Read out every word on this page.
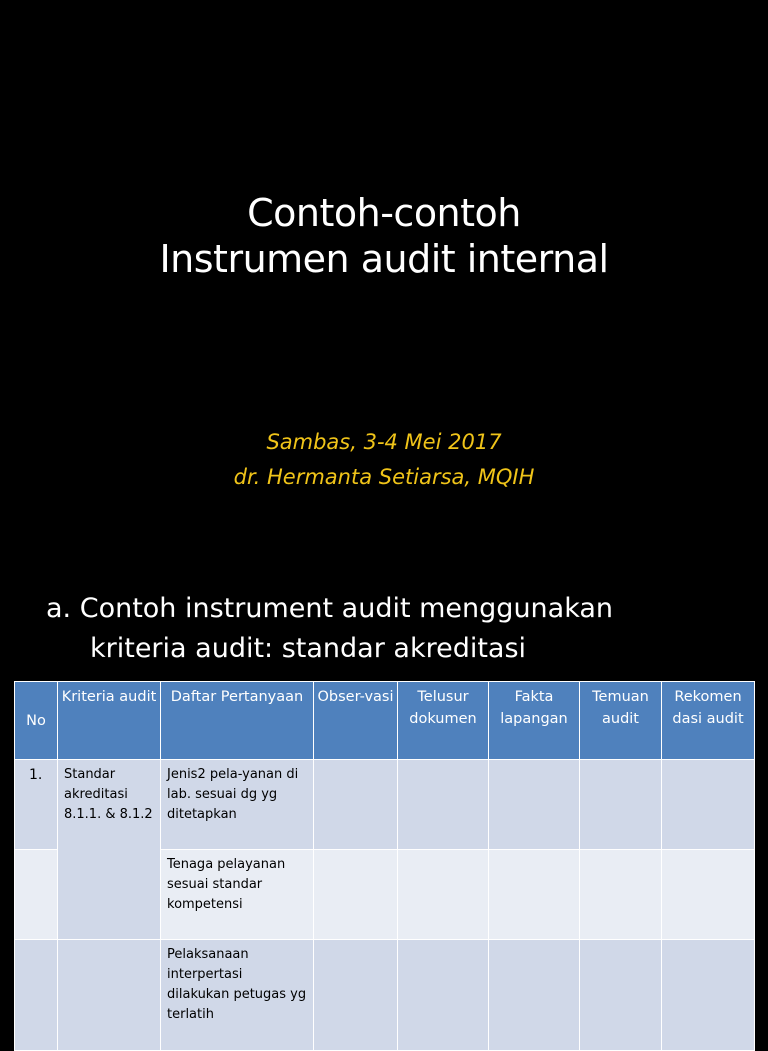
Contoh-contoh
Instrumen audit internal
Sambas, 3-4 Mei 2017
dr. Hermanta Setiarsa, MQIH
a. Contoh instrument audit menggunakan
kriteria audit: standar akreditasi
No	Kriteria audit	Daftar Pertanyaan	Obser-vasi	Telusur dokumen	Fakta lapangan	Temuan audit	Rekomen dasi audit
1.	Standar akreditasi 8.1.1. & 8.1.2	Jenis2 pela-yanan di lab. sesuai dg yg ditetapkan					
		Tenaga pelayanan sesuai standar kompetensi					
		Pelaksanaan interpertasi dilakukan petugas yg terlatih					
